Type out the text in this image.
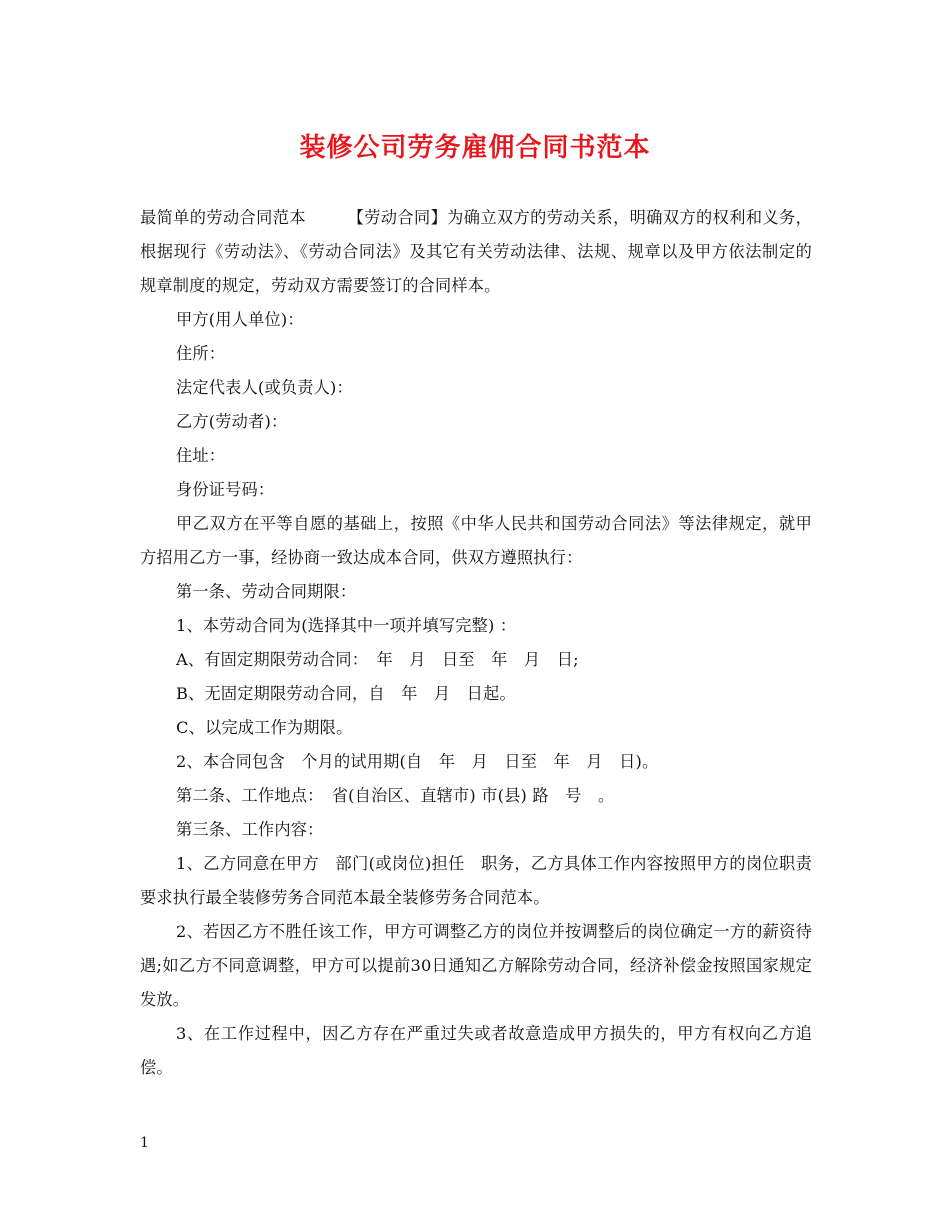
装修公司劳务雇佣合同书范本

最简单的劳动合同范本　　　【劳动合同】为确立双方的劳动关系，明确双方的权利和义务，根据现行《劳动法》、《劳动合同法》及其它有关劳动法律、法规、规章以及甲方依法制定的规章制度的规定，劳动双方需要签订的合同样本。

甲方(用人单位)：

住所：

法定代表人(或负责人)：

乙方(劳动者)：

住址：

身份证号码：

甲乙双方在平等自愿的基础上，按照《中华人民共和国劳动合同法》等法律规定，就甲方招用乙方一事，经协商一致达成本合同，供双方遵照执行：

第一条、劳动合同期限：

1、本劳动合同为(选择其中一项并填写完整) ：

A、有固定期限劳动合同：　年　月　日至　年　月　日;

B、无固定期限劳动合同，自　年　月　日起。

C、以完成工作为期限。

2、本合同包含　个月的试用期(自　年　月　日至　年　月　日)。

第二条、工作地点：　省(自治区、直辖市) 市(县) 路　号　。

第三条、工作内容：

1、乙方同意在甲方　部门(或岗位)担任　职务，乙方具体工作内容按照甲方的岗位职责要求执行最全装修劳务合同范本最全装修劳务合同范本。

2、若因乙方不胜任该工作，甲方可调整乙方的岗位并按调整后的岗位确定一方的薪资待遇;如乙方不同意调整，甲方可以提前30日通知乙方解除劳动合同，经济补偿金按照国家规定发放。

3、在工作过程中，因乙方存在严重过失或者故意造成甲方损失的，甲方有权向乙方追偿。

1
